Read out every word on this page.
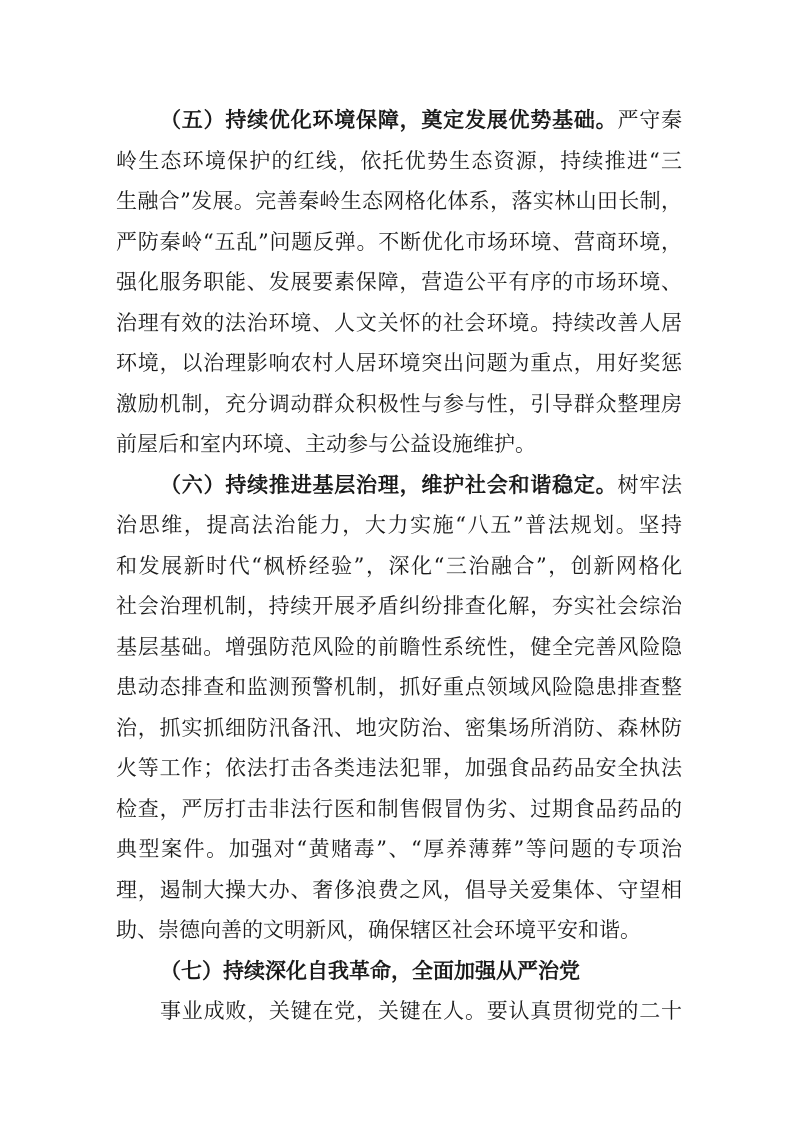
（五）持续优化环境保障，奠定发展优势基础。严守秦
岭生态环境保护的红线，依托优势生态资源，持续推进“三
生融合”发展。完善秦岭生态网格化体系，落实林山田长制，
严防秦岭“五乱”问题反弹。不断优化市场环境、营商环境，
强化服务职能、发展要素保障，营造公平有序的市场环境、
治理有效的法治环境、人文关怀的社会环境。持续改善人居
环境，以治理影响农村人居环境突出问题为重点，用好奖惩
激励机制，充分调动群众积极性与参与性，引导群众整理房
前屋后和室内环境、主动参与公益设施维护。
（六）持续推进基层治理，维护社会和谐稳定。树牢法
治思维，提高法治能力，大力实施“八五”普法规划。坚持
和发展新时代“枫桥经验”，深化“三治融合”，创新网格化
社会治理机制，持续开展矛盾纠纷排查化解，夯实社会综治
基层基础。增强防范风险的前瞻性系统性，健全完善风险隐
患动态排查和监测预警机制，抓好重点领域风险隐患排查整
治，抓实抓细防汛备汛、地灾防治、密集场所消防、森林防
火等工作；依法打击各类违法犯罪，加强食品药品安全执法
检查，严厉打击非法行医和制售假冒伪劣、过期食品药品的
典型案件。加强对“黄赌毒”、“厚养薄葬”等问题的专项治
理，遏制大操大办、奢侈浪费之风，倡导关爱集体、守望相
助、崇德向善的文明新风，确保辖区社会环境平安和谐。
（七）持续深化自我革命，全面加强从严治党
事业成败，关键在党，关键在人。要认真贯彻党的二十
